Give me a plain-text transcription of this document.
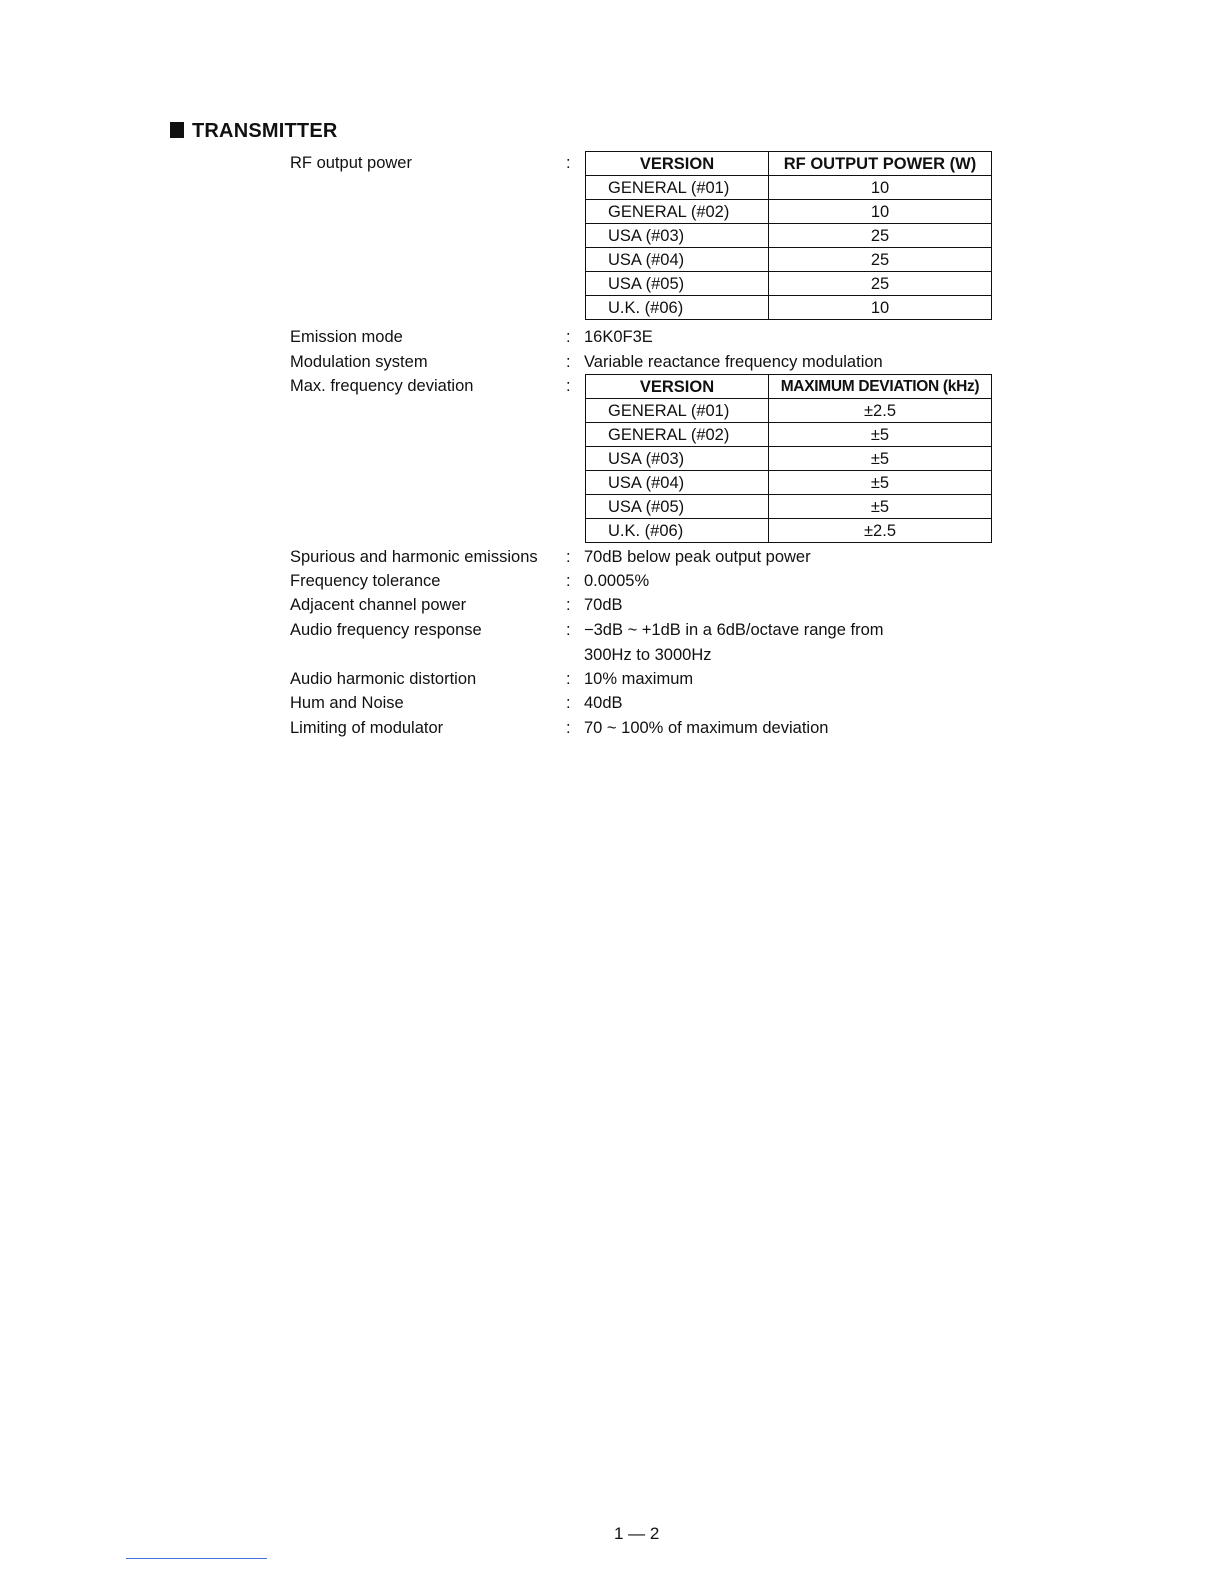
TRANSMITTER
RF output power	:	VERSION	RF OUTPUT POWER (W)
GENERAL (#01)	10
GENERAL (#02)	10
USA (#03)	25
USA (#04)	25
USA (#05)	25
U.K. (#06)	10
Emission mode	: 16K0F3E
Modulation system	: Variable reactance frequency modulation
Max. frequency deviation	:	VERSION	MAXIMUM DEVIATION (kHz)
GENERAL (#01)	±2.5
GENERAL (#02)	±5
USA (#03)	±5
USA (#04)	±5
USA (#05)	±5
U.K. (#06)	±2.5
Spurious and harmonic emissions : 70dB below peak output power
Frequency tolerance	: 0.0005%
Adjacent channel power	: 70dB
Audio frequency response	: −3dB ~ +1dB in a 6dB/octave range from
300Hz to 3000Hz
Audio harmonic distortion	: 10% maximum
Hum and Noise	: 40dB
Limiting of modulator	: 70 ~ 100% of maximum deviation
1 — 2
